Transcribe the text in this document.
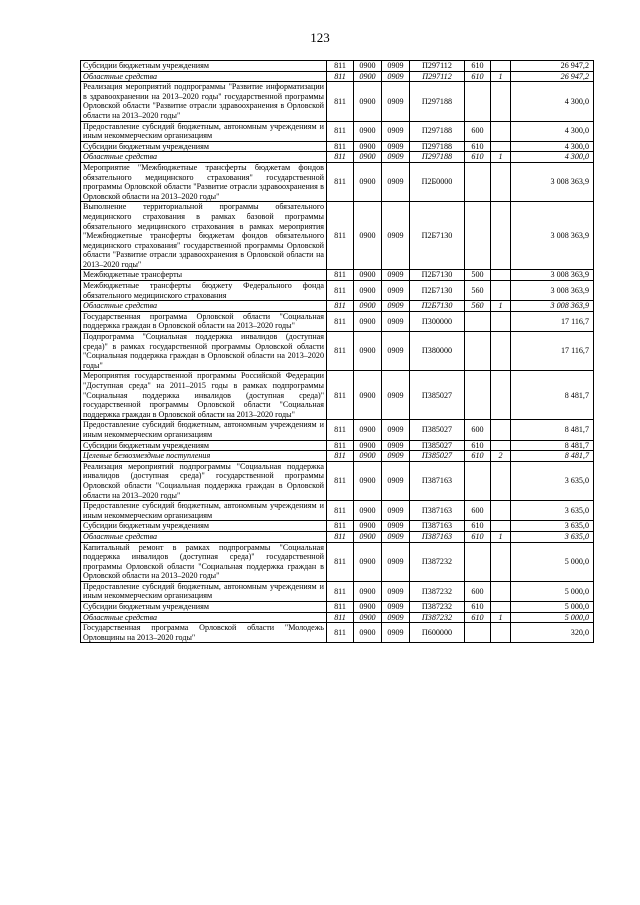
123
Субсидии бюджетным учреждениям	811	0900	0909	П297112	610		26 947,2
Областные средства	811	0900	0909	П297112	610	1	26 947,2
Реализация мероприятий подпрограммы "Развитие информатизации в здравоохранении на 2013–2020 годы" государственной программы Орловской области "Развитие отрасли здравоохранения в Орловской области на 2013–2020 годы"	811	0900	0909	П297188			4 300,0
Предоставление субсидий бюджетным, автономным учреждениям и иным некоммерческим организациям	811	0900	0909	П297188	600		4 300,0
Субсидии бюджетным учреждениям	811	0900	0909	П297188	610		4 300,0
Областные средства	811	0900	0909	П297188	610	1	4 300,0
Мероприятие "Межбюджетные трансферты бюджетам фондов обязательного медицинского страхования" государственной программы Орловской области "Развитие отрасли здравоохранения в Орловской области на 2013–2020 годы"	811	0900	0909	П2Б0000			3 008 363,9
Выполнение территориальной программы обязательного медицинского страхования в рамках базовой программы обязательного медицинского страхования в рамках мероприятия "Межбюджетные трансферты бюджетам фондов обязательного медицинского страхования" государственной программы Орловской области "Развитие отрасли здравоохранения в Орловской области на 2013–2020 годы"	811	0900	0909	П2Б7130			3 008 363,9
Межбюджетные трансферты	811	0900	0909	П2Б7130	500		3 008 363,9
Межбюджетные трансферты бюджету Федерального фонда обязательного медицинского страхования	811	0900	0909	П2Б7130	560		3 008 363,9
Областные средства	811	0900	0909	П2Б7130	560	1	3 008 363,9
Государственная программа Орловской области "Социальная поддержка граждан в Орловской области на 2013–2020 годы"	811	0900	0909	П300000			17 116,7
Подпрограмма "Социальная поддержка инвалидов (доступная среда)" в рамках государственной программы Орловской области "Социальная поддержка граждан в Орловской области на 2013–2020 годы"	811	0900	0909	П380000			17 116,7
Мероприятия государственной программы Российской Федерации "Доступная среда" на 2011–2015 годы в рамках подпрограммы "Социальная поддержка инвалидов (доступная среда)" государственной программы Орловской области "Социальная поддержка граждан в Орловской области на 2013–2020 годы"	811	0900	0909	П385027			8 481,7
Предоставление субсидий бюджетным, автономным учреждениям и иным некоммерческим организациям	811	0900	0909	П385027	600		8 481,7
Субсидии бюджетным учреждениям	811	0900	0909	П385027	610		8 481,7
Целевые безвозмездные поступления	811	0900	0909	П385027	610	2	8 481,7
Реализация мероприятий подпрограммы "Социальная поддержка инвалидов (доступная среда)" государственной программы Орловской области "Социальная поддержка граждан в Орловской области на 2013–2020 годы"	811	0900	0909	П387163			3 635,0
Предоставление субсидий бюджетным, автономным учреждениям и иным некоммерческим организациям	811	0900	0909	П387163	600		3 635,0
Субсидии бюджетным учреждениям	811	0900	0909	П387163	610		3 635,0
Областные средства	811	0900	0909	П387163	610	1	3 635,0
Капитальный ремонт в рамках подпрограммы "Социальная поддержка инвалидов (доступная среда)" государственной программы Орловской области "Социальная поддержка граждан в Орловской области на 2013–2020 годы"	811	0900	0909	П387232			5 000,0
Предоставление субсидий бюджетным, автономным учреждениям и иным некоммерческим организациям	811	0900	0909	П387232	600		5 000,0
Субсидии бюджетным учреждениям	811	0900	0909	П387232	610		5 000,0
Областные средства	811	0900	0909	П387232	610	1	5 000,0
Государственная программа Орловской области "Молодежь Орловщины на 2013–2020 годы"	811	0900	0909	П600000			320,0
